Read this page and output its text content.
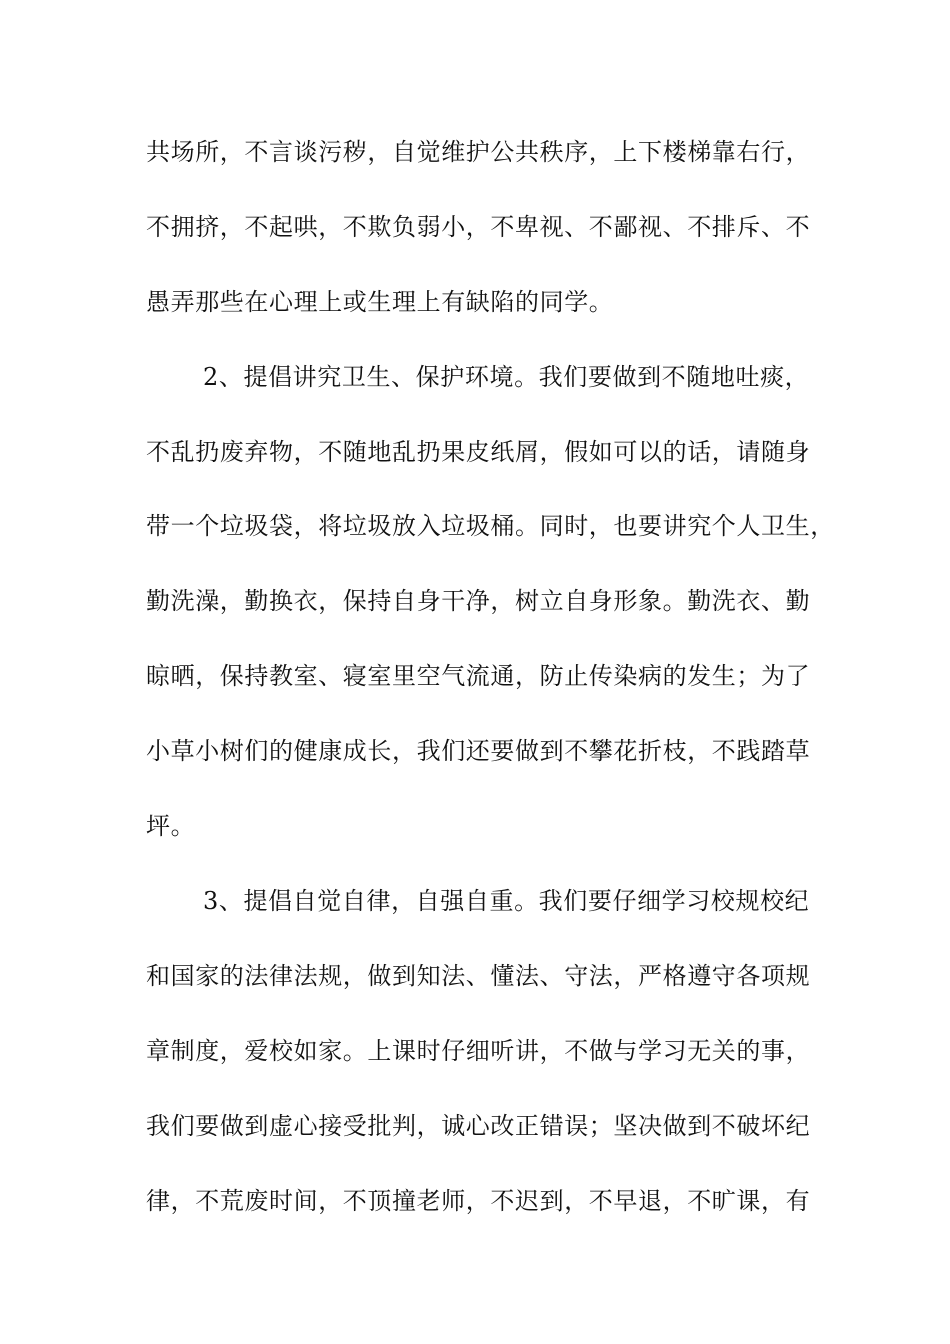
共场所，不言谈污秽，自觉维护公共秩序，上下楼梯靠右行，

不拥挤，不起哄，不欺负弱小，不卑视、不鄙视、不排斥、不

愚弄那些在心理上或生理上有缺陷的同学。

2、提倡讲究卫生、保护环境。我们要做到不随地吐痰，

不乱扔废弃物，不随地乱扔果皮纸屑，假如可以的话，请随身

带一个垃圾袋，将垃圾放入垃圾桶。同时，也要讲究个人卫生，

勤洗澡，勤换衣，保持自身干净，树立自身形象。勤洗衣、勤

晾晒，保持教室、寝室里空气流通，防止传染病的发生；为了

小草小树们的健康成长，我们还要做到不攀花折枝，不践踏草

坪。

3、提倡自觉自律，自强自重。我们要仔细学习校规校纪

和国家的法律法规，做到知法、懂法、守法，严格遵守各项规

章制度，爱校如家。上课时仔细听讲，不做与学习无关的事，

我们要做到虚心接受批判，诚心改正错误；坚决做到不破坏纪

律，不荒废时间，不顶撞老师，不迟到，不早退，不旷课，有
